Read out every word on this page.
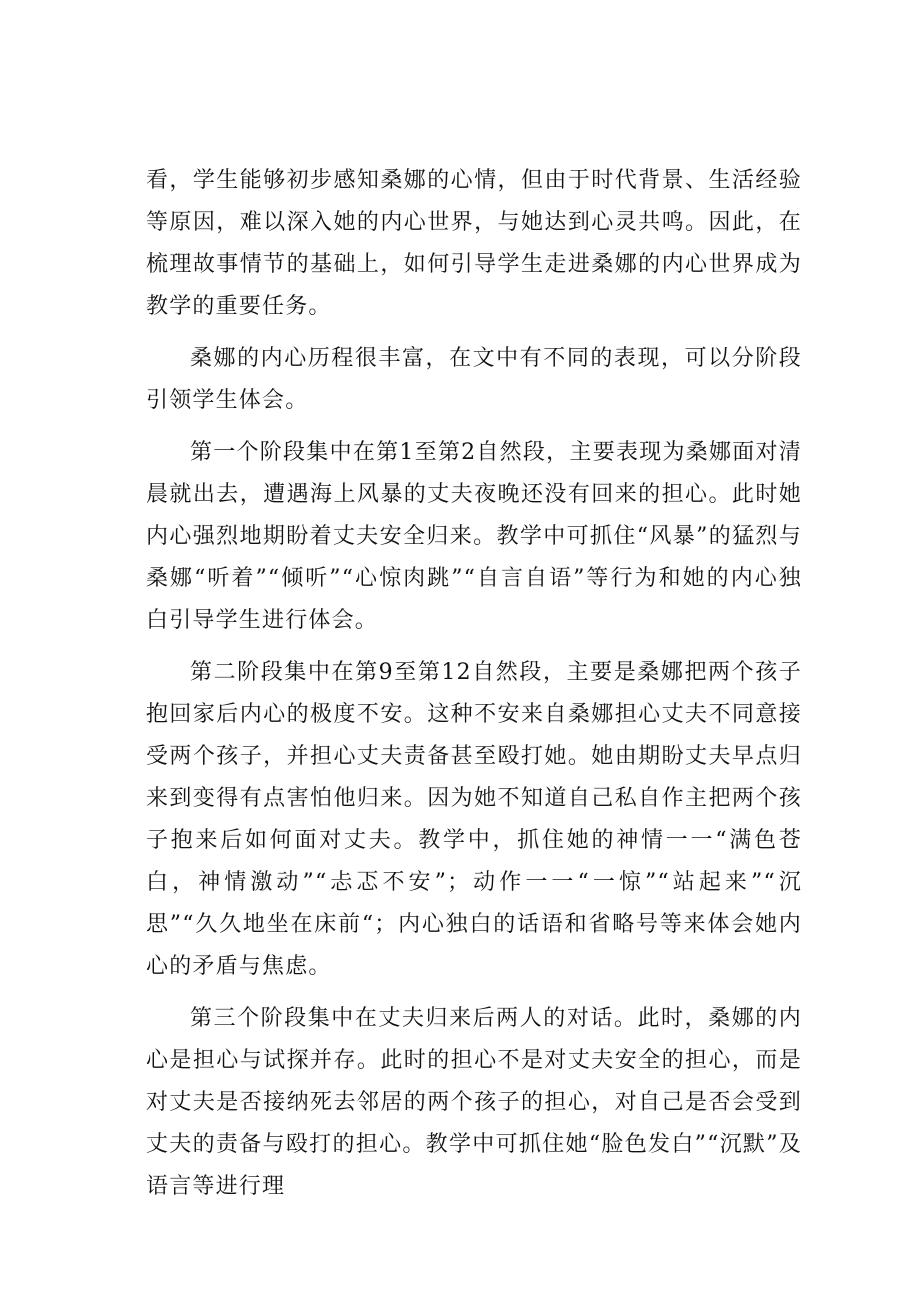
看，学生能够初步感知桑娜的心情，但由于时代背景、生活经验等原因，难以深入她的内心世界，与她达到心灵共鸣。因此，在梳理故事情节的基础上，如何引导学生走进桑娜的内心世界成为教学的重要任务。

桑娜的内心历程很丰富，在文中有不同的表现，可以分阶段引领学生体会。

第一个阶段集中在第1至第2自然段，主要表现为桑娜面对清晨就出去，遭遇海上风暴的丈夫夜晚还没有回来的担心。此时她内心强烈地期盼着丈夫安全归来。教学中可抓住“风暴”的猛烈与桑娜“听着”“倾听”“心惊肉跳”“自言自语”等行为和她的内心独白引导学生进行体会。

第二阶段集中在第9至第12自然段，主要是桑娜把两个孩子抱回家后内心的极度不安。这种不安来自桑娜担心丈夫不同意接受两个孩子，并担心丈夫责备甚至殴打她。她由期盼丈夫早点归来到变得有点害怕他归来。因为她不知道自己私自作主把两个孩子抱来后如何面对丈夫。教学中，抓住她的神情一一“满色苍白，神情激动”“忐忑不安”；动作一一“一惊”“站起来”“沉思”“久久地坐在床前“；内心独白的话语和省略号等来体会她内心的矛盾与焦虑。

第三个阶段集中在丈夫归来后两人的对话。此时，桑娜的内心是担心与试探并存。此时的担心不是对丈夫安全的担心，而是对丈夫是否接纳死去邻居的两个孩子的担心，对自己是否会受到丈夫的责备与殴打的担心。教学中可抓住她“脸色发白”“沉默”及语言等进行理
